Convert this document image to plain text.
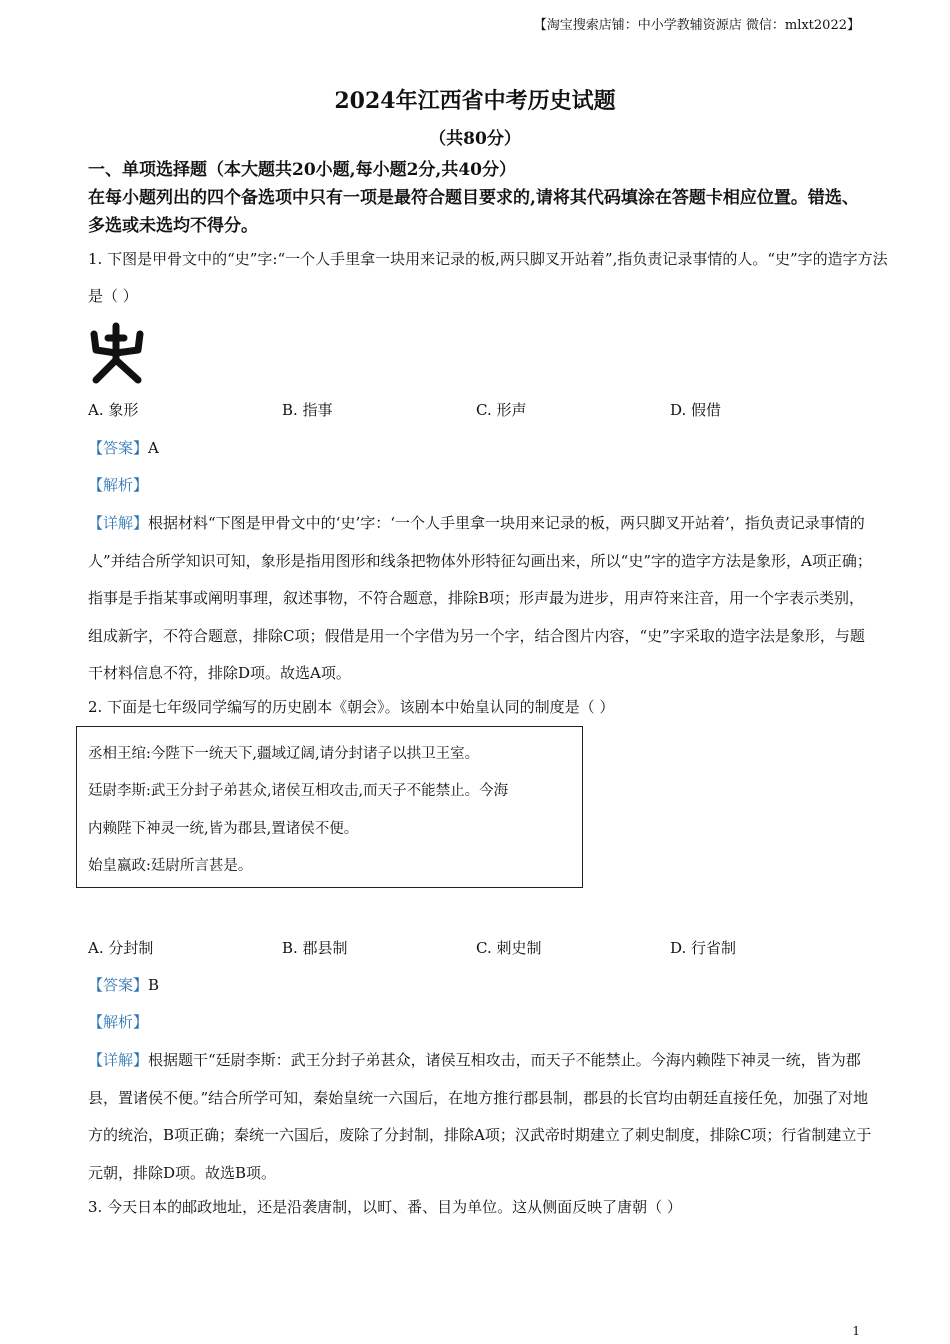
【淘宝搜索店铺：中小学教辅资源店 微信：mlxt2022】
2024年江西省中考历史试题
（共80分）
一、单项选择题（本大题共20小题,每小题2分,共40分）
在每小题列出的四个备选项中只有一项是最符合题目要求的,请将其代码填涂在答题卡相应位置。错选、多选或未选均不得分。
1. 下图是甲骨文中的“史”字:“一个人手里拿一块用来记录的板,两只脚叉开站着”,指负责记录事情的人。“史”字的造字方法是（ ）
A. 象形	B. 指事	C. 形声	D. 假借
【答案】A
【解析】
【详解】根据材料“下图是甲骨文中的‘史’字：‘一个人手里拿一块用来记录的板，两只脚叉开站着’，指负责记录事情的人”并结合所学知识可知，象形是指用图形和线条把物体外形特征勾画出来，所以“史”字的造字方法是象形，A项正确；指事是手指某事或阐明事理，叙述事物，不符合题意，排除B项；形声最为进步，用声符来注音，用一个字表示类别，组成新字，不符合题意，排除C项；假借是用一个字借为另一个字，结合图片内容，“史”字采取的造字法是象形，与题干材料信息不符，排除D项。故选A项。
2. 下面是七年级同学编写的历史剧本《朝会》。该剧本中始皇认同的制度是（ ）
丞相王绾:今陛下一统天下,疆域辽阔,请分封诸子以拱卫王室。
廷尉李斯:武王分封子弟甚众,诸侯互相攻击,而天子不能禁止。今海
内赖陛下神灵一统,皆为郡县,置诸侯不便。
始皇嬴政:廷尉所言甚是。
A. 分封制	B. 郡县制	C. 刺史制	D. 行省制
【答案】B
【解析】
【详解】根据题干“廷尉李斯：武王分封子弟甚众，诸侯互相攻击，而天子不能禁止。今海内赖陛下神灵一统，皆为郡县，置诸侯不便。”结合所学可知，秦始皇统一六国后，在地方推行郡县制，郡县的长官均由朝廷直接任免，加强了对地方的统治，B项正确；秦统一六国后，废除了分封制，排除A项；汉武帝时期建立了刺史制度，排除C项；行省制建立于元朝，排除D项。故选B项。
3. 今天日本的邮政地址，还是沿袭唐制，以町、番、目为单位。这从侧面反映了唐朝（ ）
1
